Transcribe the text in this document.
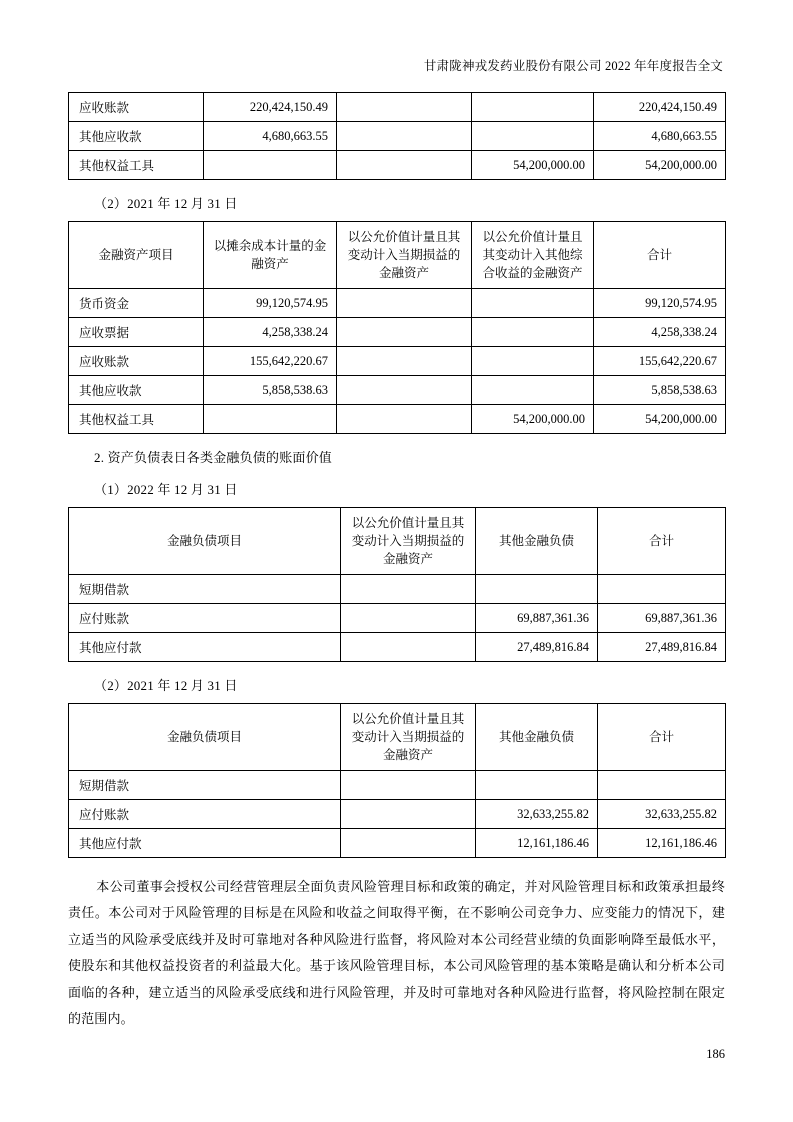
甘肃陇神戎发药业股份有限公司 2022 年年度报告全文
应收账款	220,424,150.49			220,424,150.49
其他应收款	4,680,663.55			4,680,663.55
其他权益工具			54,200,000.00	54,200,000.00
（2）2021 年 12 月 31 日
金融资产项目	以摊余成本计量的金融资产	以公允价值计量且其变动计入当期损益的金融资产	以公允价值计量且其变动计入其他综合收益的金融资产	合计
货币资金	99,120,574.95			99,120,574.95
应收票据	4,258,338.24			4,258,338.24
应收账款	155,642,220.67			155,642,220.67
其他应收款	5,858,538.63			5,858,538.63
其他权益工具			54,200,000.00	54,200,000.00
2. 资产负债表日各类金融负债的账面价值
（1）2022 年 12 月 31 日
金融负债项目	以公允价值计量且其变动计入当期损益的金融资产	其他金融负债	合计
短期借款			
应付账款		69,887,361.36	69,887,361.36
其他应付款		27,489,816.84	27,489,816.84
（2）2021 年 12 月 31 日
金融负债项目	以公允价值计量且其变动计入当期损益的金融资产	其他金融负债	合计
短期借款			
应付账款		32,633,255.82	32,633,255.82
其他应付款		12,161,186.46	12,161,186.46
本公司董事会授权公司经营管理层全面负责风险管理目标和政策的确定，并对风险管理目标和政策承担最终责任。本公司对于风险管理的目标是在风险和收益之间取得平衡，在不影响公司竞争力、应变能力的情况下，建立适当的风险承受底线并及时可靠地对各种风险进行监督，将风险对本公司经营业绩的负面影响降至最低水平，使股东和其他权益投资者的利益最大化。基于该风险管理目标，本公司风险管理的基本策略是确认和分析本公司面临的各种，建立适当的风险承受底线和进行风险管理，并及时可靠地对各种风险进行监督，将风险控制在限定的范围内。
186
